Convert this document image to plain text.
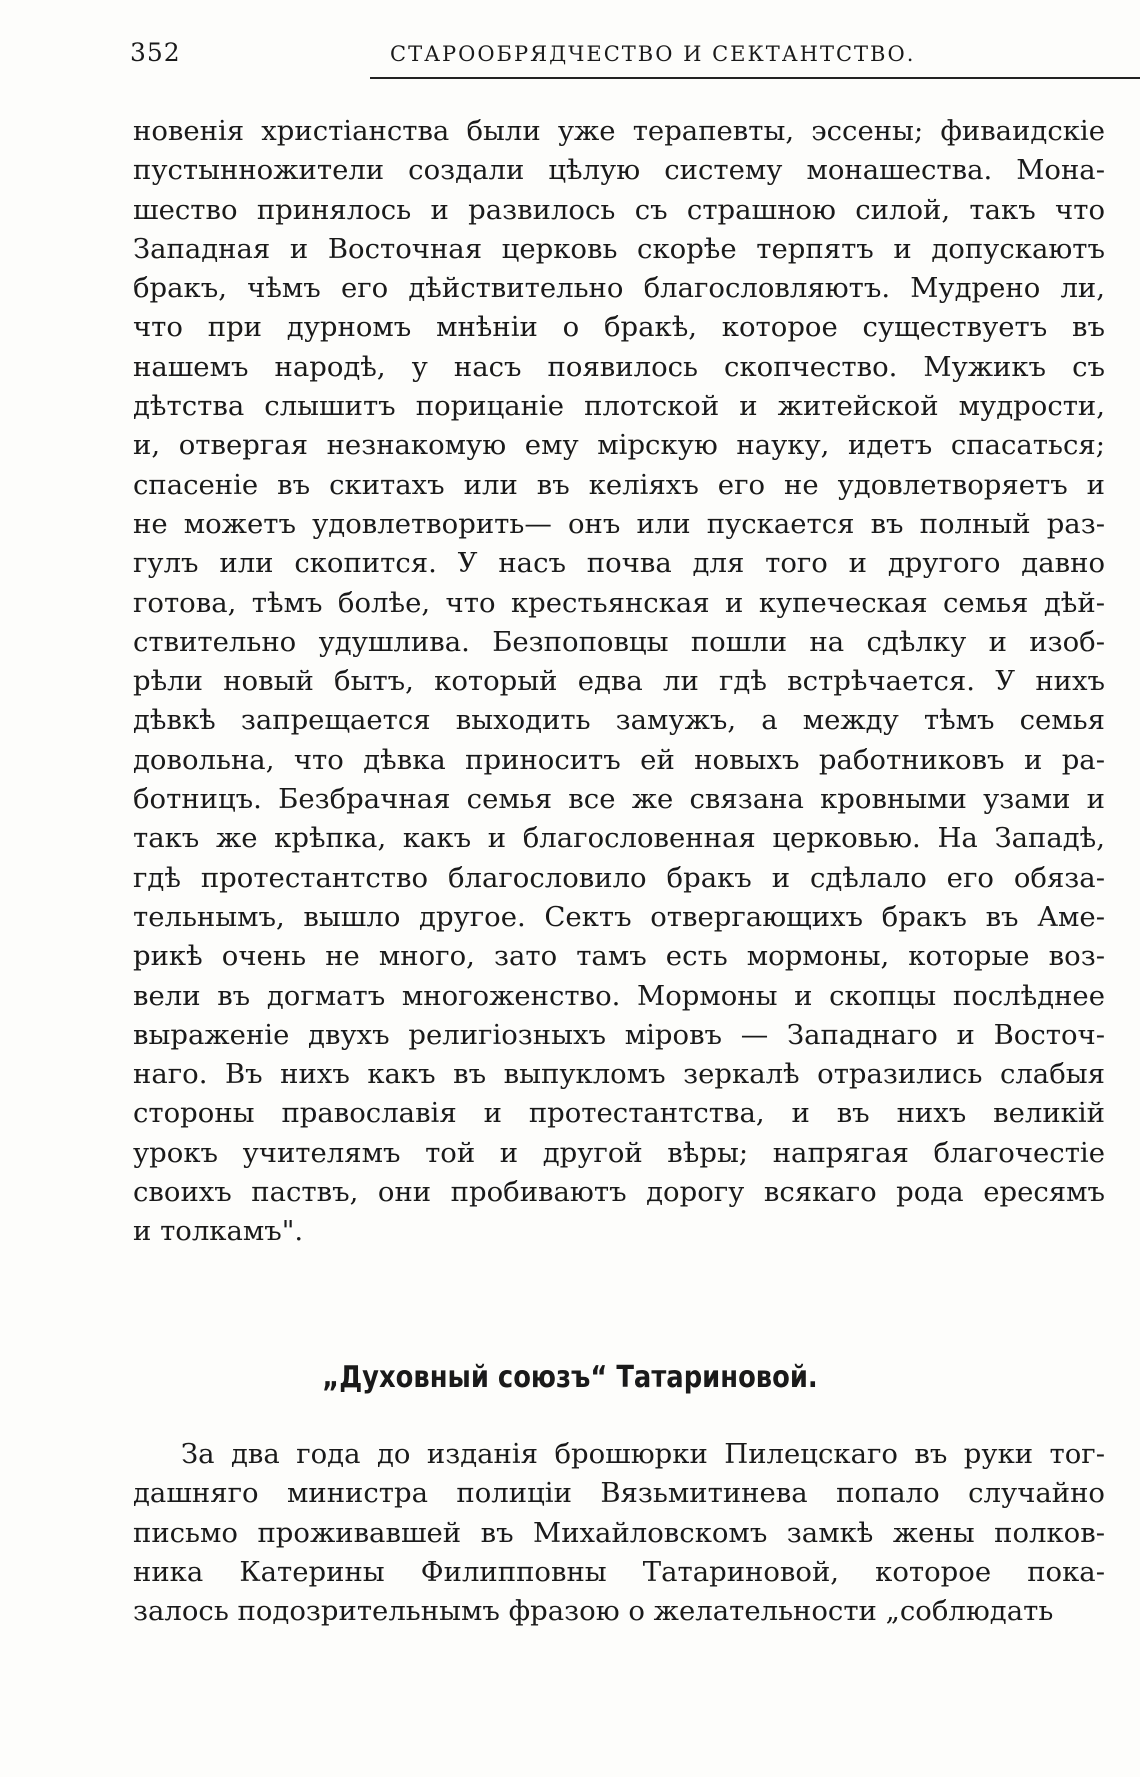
352	СТАРООБРЯДЧЕСТВО И СЕКТАНТСТВО.
новенія христіанства были уже терапевты, эссены; фиваидскіе
пустынножители создали цѣлую систему монашества. Мона-
шество принялось и развилось съ страшною силой, такъ что
Западная и Восточная церковь скорѣе терпятъ и допускаютъ
бракъ, чѣмъ его дѣйствительно благословляютъ. Мудрено ли,
что при дурномъ мнѣніи о бракѣ, которое существуетъ въ
нашемъ народѣ, у насъ появилось скопчество. Мужикъ съ
дѣтства слышитъ порицаніе плотской и житейской мудрости,
и, отвергая незнакомую ему мірскую науку, идетъ спасаться;
спасеніе въ скитахъ или въ келіяхъ его не удовлетворяетъ и
не можетъ удовлетворить— онъ или пускается въ полный раз-
гулъ или скопится. У насъ почва для того и другого давно
готова, тѣмъ болѣе, что крестьянская и купеческая семья дѣй-
ствительно удушлива. Безпоповцы пошли на сдѣлку и изоб-
рѣли новый бытъ, который едва ли гдѣ встрѣчается. У нихъ
дѣвкѣ запрещается выходить замужъ, а между тѣмъ семья
довольна, что дѣвка приноситъ ей новыхъ работниковъ и ра-
ботницъ. Безбрачная семья все же связана кровными узами и
такъ же крѣпка, какъ и благословенная церковью. На Западѣ,
гдѣ протестантство благословило бракъ и сдѣлало его обяза-
тельнымъ, вышло другое. Сектъ отвергающихъ бракъ въ Аме-
рикѣ очень не много, зато тамъ есть мормоны, которые воз-
вели въ догматъ многоженство. Мормоны и скопцы послѣднее
выраженіе двухъ религіозныхъ міровъ — Западнаго и Восточ-
наго. Въ нихъ какъ въ выпукломъ зеркалѣ отразились слабыя
стороны православія и протестантства, и въ нихъ великій
урокъ учителямъ той и другой вѣры; напрягая благочестіе
своихъ паствъ, они пробиваютъ дорогу всякаго рода ересямъ
и толкамъ".
„Духовный союзъ“ Татариновой.
За два года до изданія брошюрки Пилецскаго въ руки тог-
дашняго министра полиціи Вязьмитинева попало случайно
письмо проживавшей въ Михайловскомъ замкѣ жены полков-
ника Катерины Филипповны Татариновой, которое пока-
залось подозрительнымъ фразою о желательности „соблюдать
